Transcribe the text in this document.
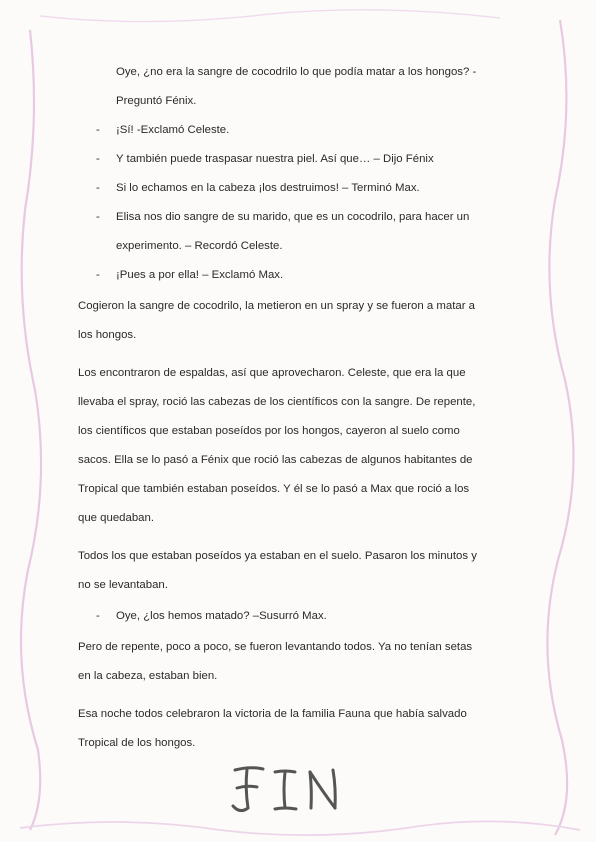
Oye, ¿no era la sangre de cocodrilo lo que podía matar a los hongos? -
Preguntó Fénix.
- ¡Sí! -Exclamó Celeste.
- Y también puede traspasar nuestra piel. Así que… – Dijo Fénix
- Si lo echamos en la cabeza ¡los destruimos! – Terminó Max.
- Elisa nos dio sangre de su marido, que es un cocodrilo, para hacer un
experimento. – Recordó Celeste.
- ¡Pues a por ella! – Exclamó Max.
Cogieron la sangre de cocodrilo, la metieron en un spray y se fueron a matar a
los hongos.
Los encontraron de espaldas, así que aprovecharon. Celeste, que era la que
llevaba el spray, roció las cabezas de los científicos con la sangre. De repente,
los científicos que estaban poseídos por los hongos, cayeron al suelo como
sacos. Ella se lo pasó a Fénix que roció las cabezas de algunos habitantes de
Tropical que también estaban poseídos. Y él se lo pasó a Max que roció a los
que quedaban.
Todos los que estaban poseídos ya estaban en el suelo. Pasaron los minutos y
no se levantaban.
- Oye, ¿los hemos matado? –Susurró Max.
Pero de repente, poco a poco, se fueron levantando todos. Ya no tenían setas
en la cabeza, estaban bien.
Esa noche todos celebraron la victoria de la familia Fauna que había salvado
Tropical de los hongos.
